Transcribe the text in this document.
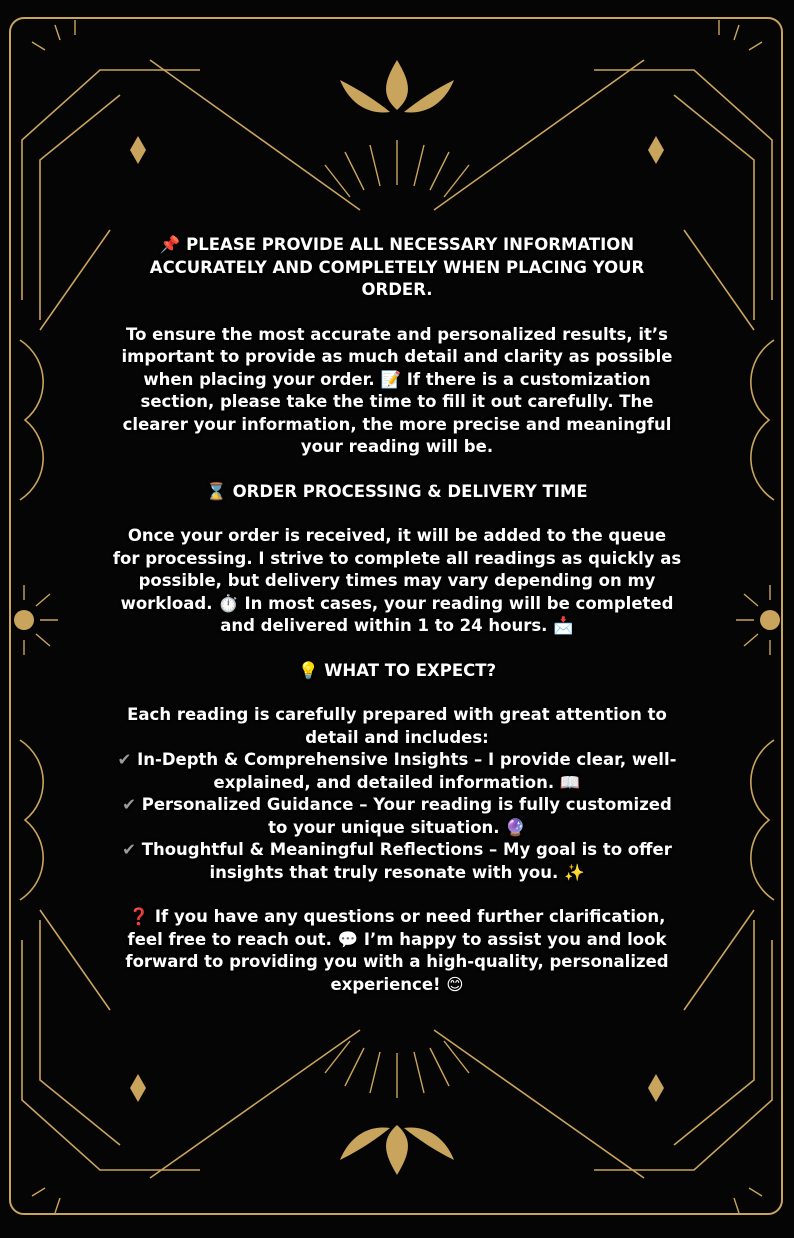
📌 PLEASE PROVIDE ALL NECESSARY INFORMATION ACCURATELY AND COMPLETELY WHEN PLACING YOUR ORDER.

To ensure the most accurate and personalized results, it’s important to provide as much detail and clarity as possible when placing your order. 📝 If there is a customization section, please take the time to fill it out carefully. The clearer your information, the more precise and meaningful your reading will be.

⌛ ORDER PROCESSING & DELIVERY TIME

Once your order is received, it will be added to the queue for processing. I strive to complete all readings as quickly as possible, but delivery times may vary depending on my workload. ⏱️ In most cases, your reading will be completed and delivered within 1 to 24 hours. 📩

💡 WHAT TO EXPECT?

Each reading is carefully prepared with great attention to detail and includes:

✔ In-Depth & Comprehensive Insights – I provide clear, well-explained, and detailed information. 📖

✔ Personalized Guidance – Your reading is fully customized to your unique situation. 🔮

✔ Thoughtful & Meaningful Reflections – My goal is to offer insights that truly resonate with you. ✨

❓ If you have any questions or need further clarification, feel free to reach out. 💬 I’m happy to assist you and look forward to providing you with a high-quality, personalized experience! 😊
